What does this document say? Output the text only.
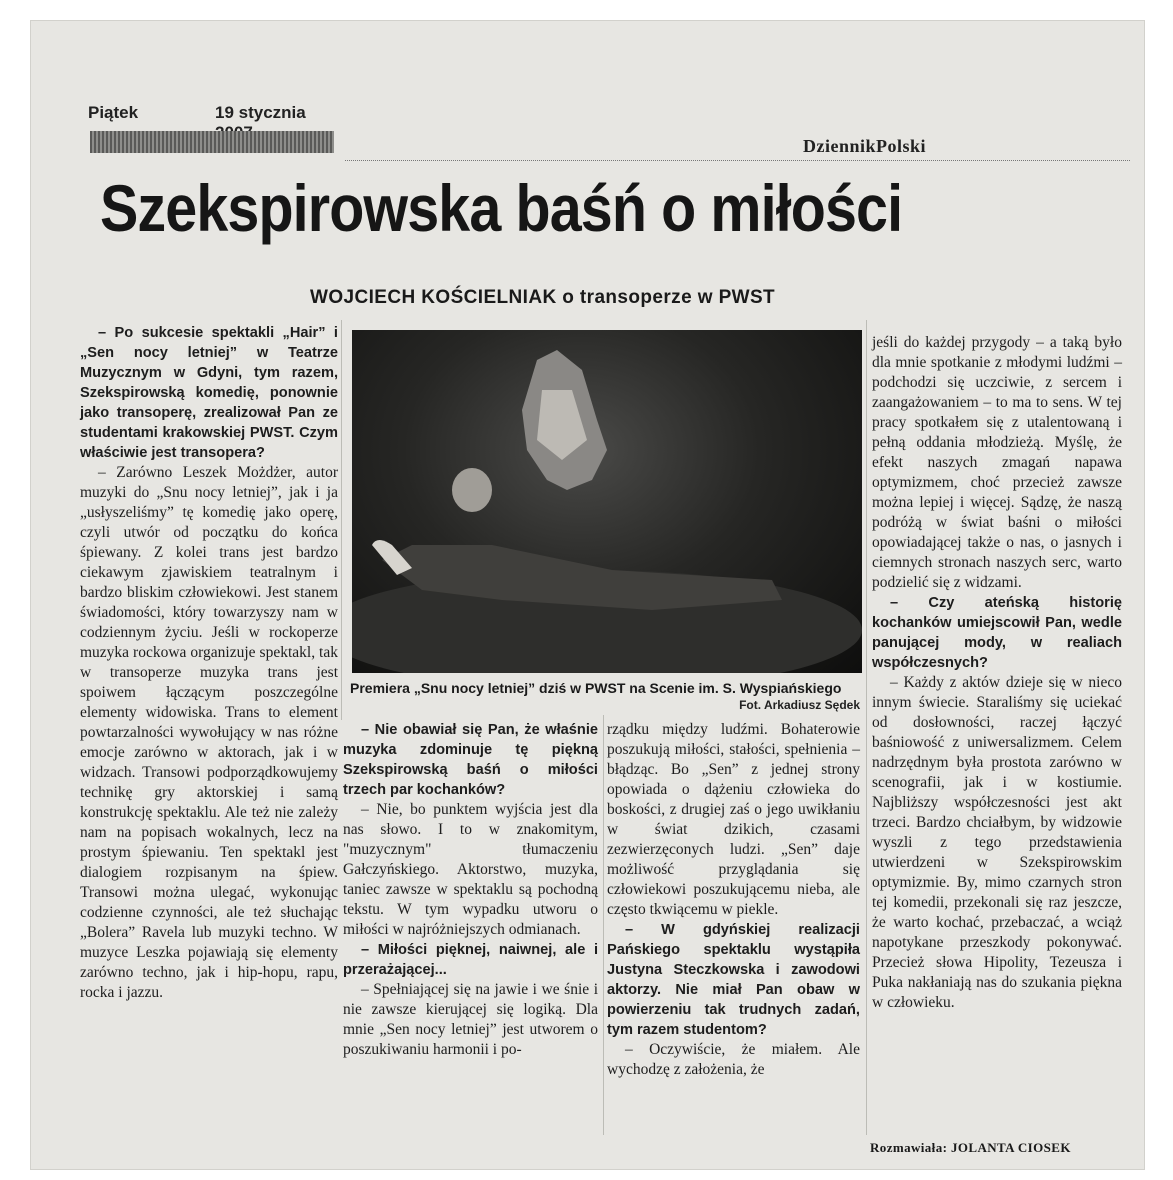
Piątek	19 stycznia
DziennikPolski
Szekspirowska baśń o miłości
WOJCIECH KOŚCIELNIAK o transoperze w PWST

– Po sukcesie spektakli „Hair” i „Sen nocy letniej” w Teatrze Muzycznym w Gdyni, tym razem, Szekspirowską komedię, ponownie jako transoperę, zrealizował Pan ze studentami krakowskiej PWST. Czym właściwie jest transopera?

– Zarówno Leszek Możdżer, autor muzyki do „Snu nocy letniej”, jak i ja „usłyszeliśmy” tę komedię jako operę, czyli utwór od początku do końca śpiewany. Z kolei trans jest bardzo ciekawym zjawiskiem teatralnym i bardzo bliskim człowiekowi. Jest stanem świadomości, który towarzyszy nam w codziennym życiu. Jeśli w rockoperze muzyka rockowa organizuje spektakl, tak w transoperze muzyka trans jest spoiwem łączącym poszczególne elementy widowiska. Trans to element powtarzalności wywołujący w nas różne emocje zarówno w aktorach, jak i w widzach. Transowi podporządkowujemy technikę gry aktorskiej i samą konstrukcję spektaklu. Ale też nie zależy nam na popisach wokalnych, lecz na prostym śpiewaniu. Ten spektakl jest dialogiem rozpisanym na śpiew. Transowi można ulegać, wykonując codzienne czynności, ale też słuchając „Bolera” Ravela lub muzyki techno. W muzyce Leszka pojawiają się elementy zarówno techno, jak i hip-hopu, rapu, rocka i jazzu.

Premiera „Snu nocy letniej” dziś w PWST na Scenie im. S. Wyspiańskiego
Fot. Arkadiusz Sędek

– Nie obawiał się Pan, że właśnie muzyka zdominuje tę piękną Szekspirowską baśń o miłości trzech par kochanków?

– Nie, bo punktem wyjścia jest dla nas słowo. I to w znakomitym, "muzycznym" tłumaczeniu Gałczyńskiego. Aktorstwo, muzyka, taniec zawsze w spektaklu są pochodną tekstu. W tym wypadku utworu o miłości w najróżniejszych odmianach.

– Miłości pięknej, naiwnej, ale i przerażającej...

– Spełniającej się na jawie i we śnie i nie zawsze kierującej się logiką. Dla mnie „Sen nocy letniej” jest utworem o poszukiwaniu harmonii i po-

rządku między ludźmi. Bohaterowie poszukują miłości, stałości, spełnienia – błądząc. Bo „Sen” z jednej strony opowiada o dążeniu człowieka do boskości, z drugiej zaś o jego uwikłaniu w świat dzikich, czasami zezwierzęconych ludzi. „Sen” daje możliwość przyglądania się człowiekowi poszukującemu nieba, ale często tkwiącemu w piekle.

– W gdyńskiej realizacji Pańskiego spektaklu wystąpiła Justyna Steczkowska i zawodowi aktorzy. Nie miał Pan obaw w powierzeniu tak trudnych zadań, tym razem studentom?

– Oczywiście, że miałem. Ale wychodzę z założenia, że

jeśli do każdej przygody – a taką było dla mnie spotkanie z młodymi ludźmi – podchodzi się uczciwie, z sercem i zaangażowaniem – to ma to sens. W tej pracy spotkałem się z utalentowaną i pełną oddania młodzieżą. Myślę, że efekt naszych zmagań napawa optymizmem, choć przecież zawsze można lepiej i więcej. Sądzę, że naszą podróżą w świat baśni o miłości opowiadającej także o nas, o jasnych i ciemnych stronach naszych serc, warto podzielić się z widzami.

– Czy ateńską historię kochanków umiejscowił Pan, wedle panującej mody, w realiach współczesnych?

– Każdy z aktów dzieje się w nieco innym świecie. Staraliśmy się uciekać od dosłowności, raczej łączyć baśniowość z uniwersalizmem. Celem nadrzędnym była prostota zarówno w scenografii, jak i w kostiumie. Najbliższy współczesności jest akt trzeci. Bardzo chciałbym, by widzowie wyszli z tego przedstawienia utwierdzeni w Szekspirowskim optymizmie. By, mimo czarnych stron tej komedii, przekonali się raz jeszcze, że warto kochać, przebaczać, a wciąż napotykane przeszkody pokonywać. Przecież słowa Hipolity, Tezeusza i Puka nakłaniają nas do szukania piękna w człowieku.

Rozmawiała: JOLANTA CIOSEK
